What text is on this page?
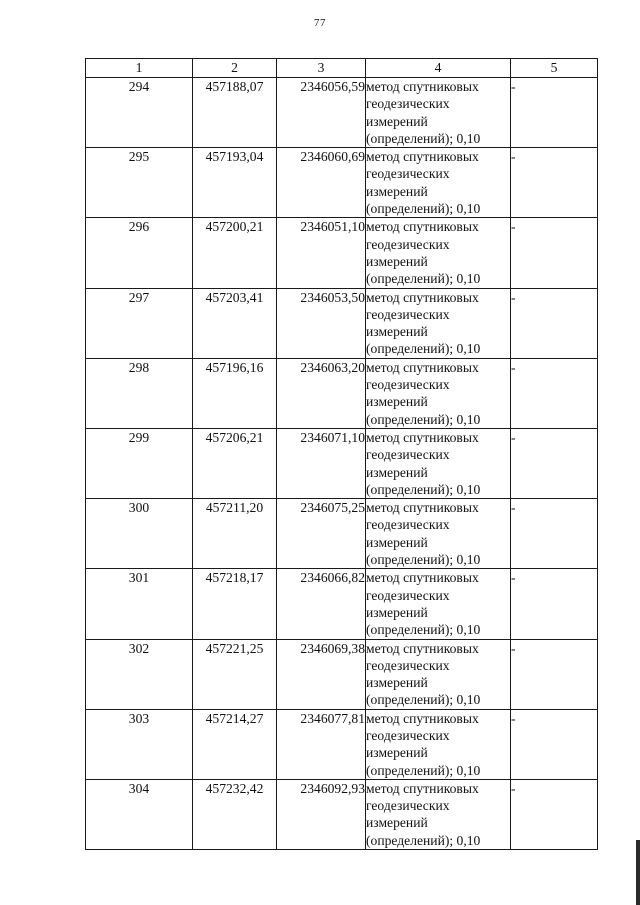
77
1	2	3	4	5
294	457188,07	2346056,59	метод спутниковых
геодезических
измерений
(определений); 0,10	-
295	457193,04	2346060,69	метод спутниковых
геодезических
измерений
(определений); 0,10	-
296	457200,21	2346051,10	метод спутниковых
геодезических
измерений
(определений); 0,10	-
297	457203,41	2346053,50	метод спутниковых
геодезических
измерений
(определений); 0,10	-
298	457196,16	2346063,20	метод спутниковых
геодезических
измерений
(определений); 0,10	-
299	457206,21	2346071,10	метод спутниковых
геодезических
измерений
(определений); 0,10	-
300	457211,20	2346075,25	метод спутниковых
геодезических
измерений
(определений); 0,10	-
301	457218,17	2346066,82	метод спутниковых
геодезических
измерений
(определений); 0,10	-
302	457221,25	2346069,38	метод спутниковых
геодезических
измерений
(определений); 0,10	-
303	457214,27	2346077,81	метод спутниковых
геодезических
измерений
(определений); 0,10	-
304	457232,42	2346092,93	метод спутниковых
геодезических
измерений
(определений); 0,10	-
